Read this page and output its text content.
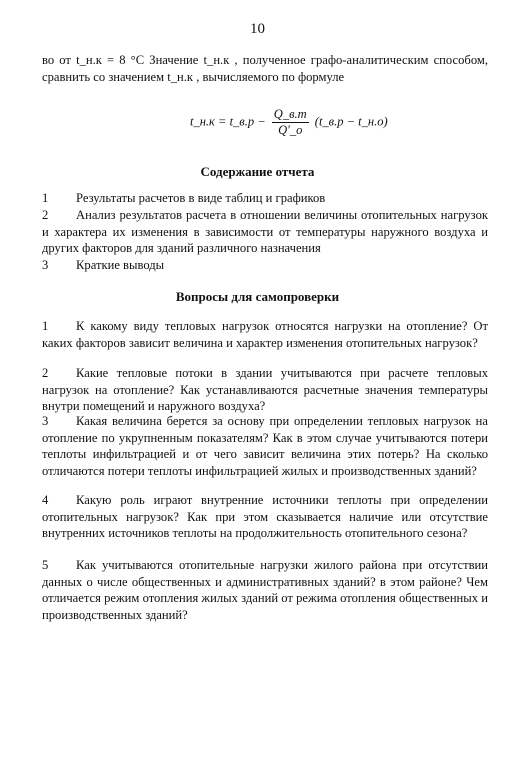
10
во от t_н.к = 8 °С Значение t_н.к , полученное графо-аналитическим способом, сравнить со значением t_н.к , вычисляемого по формуле
t_н.к = t_в.р − $\frac{Q\_в.т}{Q'\_о}$ (t_в.р − t_н.о)
Содержание отчета
1 Результаты расчетов в виде таблиц и графиков
2 Анализ результатов расчета в отношении величины отопительных нагрузок и характера их изменения в зависимости от температуры наружного воздуха и других факторов для зданий различного назначения
3 Краткие выводы
Вопросы для самопроверки
1 К какому виду тепловых нагрузок относятся нагрузки на отопление? От каких факторов зависит величина и характер изменения отопительных нагрузок?
2 Какие тепловые потоки в здании учитываются при расчете тепловых нагрузок на отопление? Как устанавливаются расчетные значения температуры внутри помещений и наружного воздуха?
3 Какая величина берется за основу при определении тепловых нагрузок на отопление по укрупненным показателям? Как в этом случае учитываются потери теплоты инфильтрацией и от чего зависит величина этих потерь? На сколько отличаются потери теплоты инфильтрацией жилых и производственных зданий?
4 Какую роль играют внутренние источники теплоты при определении отопительных нагрузок? Как при этом сказывается наличие или отсутствие внутренних источников теплоты на продолжительность отопительного сезона?
5 Как учитываются отопительные нагрузки жилого района при отсутствии данных о числе общественных и административных зданий? в этом районе? Чем отличается режим отопления жилых зданий от режима отопления общественных и производственных зданий?
